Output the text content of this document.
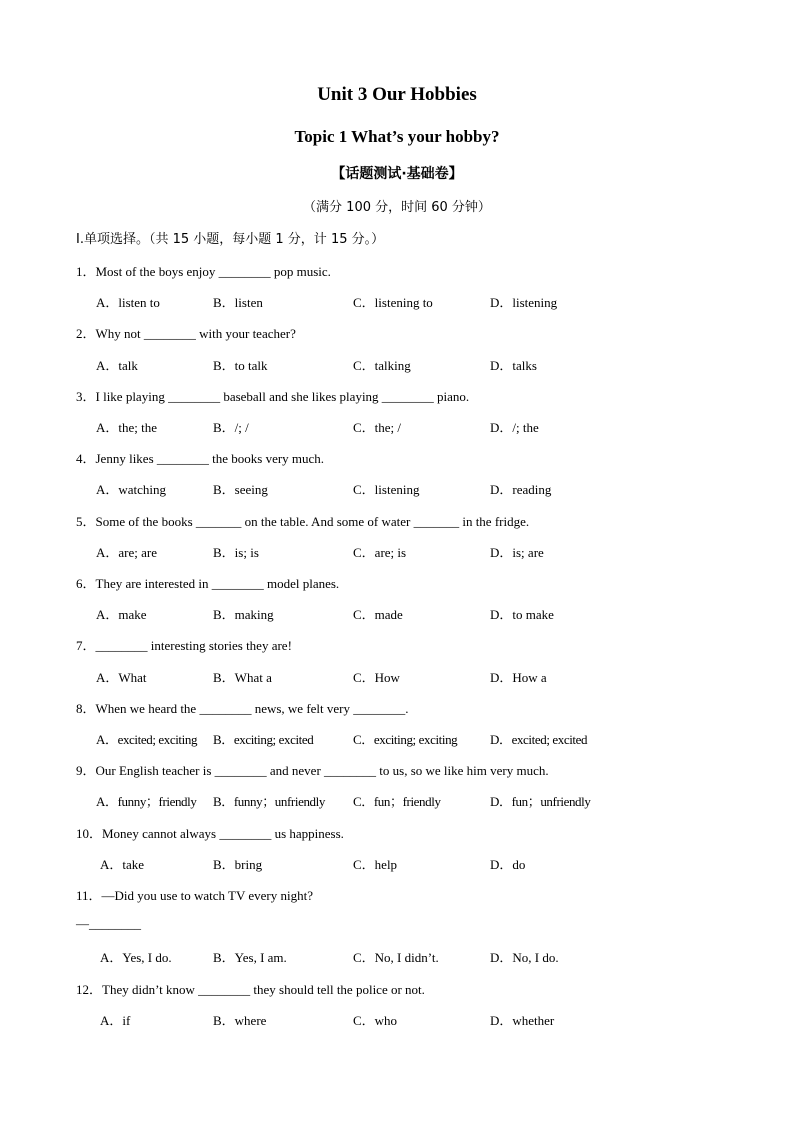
Unit 3 Our Hobbies
Topic 1 What’s your hobby?
【话题测试·基础卷】
（满分 100 分，时间 60 分钟）
I.单项选择。（共 15 小题，每小题 1 分，计 15 分。）
1．Most of the boys enjoy ________ pop music.
A．listen to	B．listen	C．listening to	D．listening
2．Why not ________ with your teacher?
A．talk	B．to talk	C．talking	D．talks
3．I like playing ________ baseball and she likes playing ________ piano.
A．the; the	B．/; /	C．the; /	D．/; the
4．Jenny likes ________ the books very much.
A．watching	B．seeing	C．listening	D．reading
5．Some of the books _______ on the table. And some of water _______ in the fridge.
A．are; are	B．is; is	C．are; is	D．is; are
6．They are interested in ________ model planes.
A．make	B．making	C．made	D．to make
7．________ interesting stories they are!
A．What	B．What a	C．How	D．How a
8．When we heard the ________ news, we felt very ________.
A．excited; exciting B．exciting; excited	C．exciting; exciting	D．excited; excited
9．Our English teacher is ________ and never ________ to us, so we like him very much.
A．funny；friendly B．funny；unfriendly C．fun；friendly	D．fun；unfriendly
10．Money cannot always ________ us happiness.
A．take	B．bring	C．help	D．do
11．—Did you use to watch TV every night?
—________
A．Yes, I do.	B．Yes, I am.	C．No, I didn’t.	D．No, I do.
12．They didn’t know ________ they should tell the police or not.
A．if	B．where	C．who	D．whether
